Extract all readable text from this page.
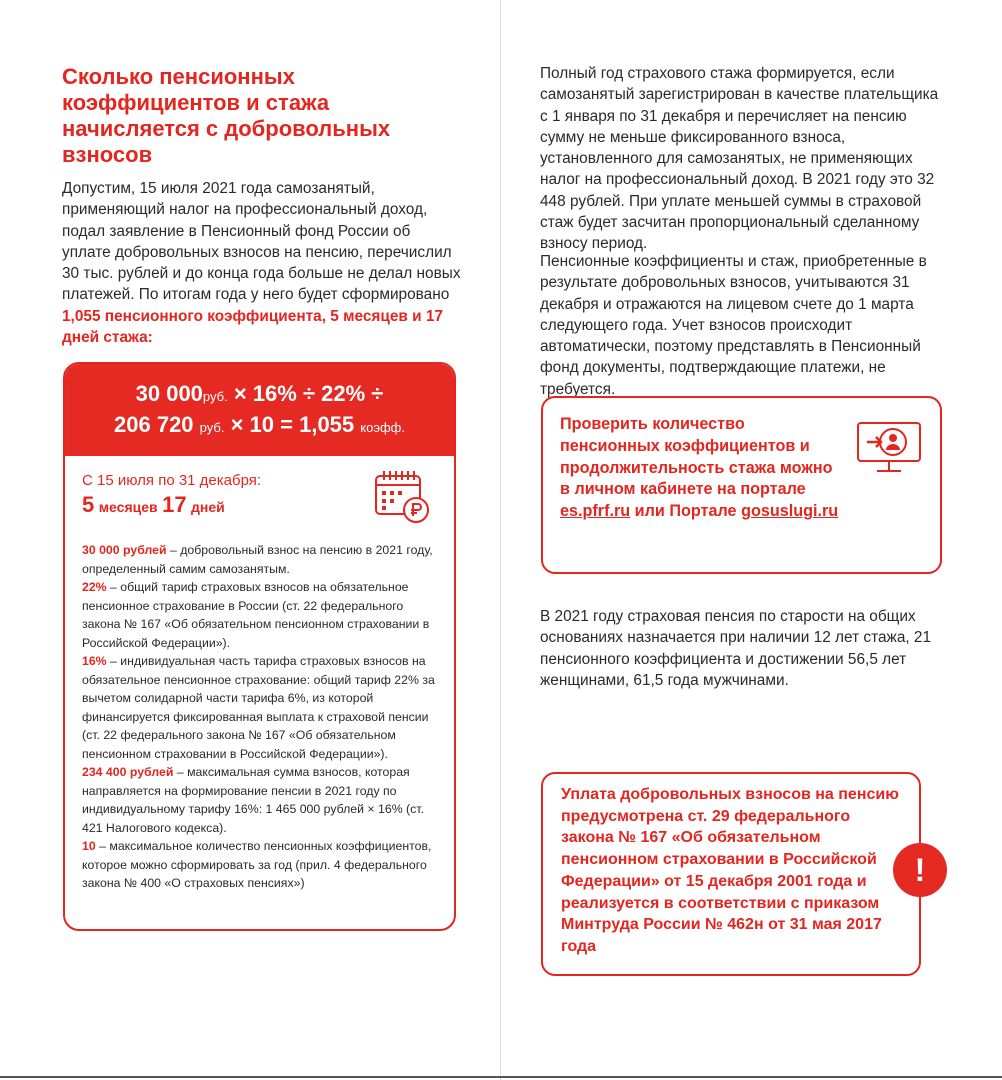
Сколько пенсионных коэффициентов и стажа начисляется с добровольных взносов

Допустим, 15 июля 2021 года самозанятый, применяющий налог на профессиональный доход, подал заявление в Пенсионный фонд России об уплате добровольных взносов на пенсию, перечислил 30 тыс. рублей и до конца года больше не делал новых платежей. По итогам года у него будет сформировано 1,055 пенсионного коэффициента, 5 месяцев и 17 дней стажа:

30 000руб. × 16% ÷ 22% ÷
206 720 руб. × 10 = 1,055 коэфф.

С 15 июля по 31 декабря:

5 месяцев 17 дней

30 000 рублей – добровольный взнос на пенсию в 2021 году, определенный самим самозанятым.

22% – общий тариф страховых взносов на обязательное пенсионное страхование в России (ст. 22 федерального закона № 167 «Об обязательном пенсионном страховании в Российской Федерации»).

16% – индивидуальная часть тарифа страховых взносов на обязательное пенсионное страхование: общий тариф 22% за вычетом солидарной части тарифа 6%, из которой финансируется фиксированная выплата к страховой пенсии (ст. 22 федерального закона № 167 «Об обязательном пенсионном страховании в Российской Федерации»).

234 400 рублей – максимальная сумма взносов, которая направляется на формирование пенсии в 2021 году по индивидуальному тарифу 16%: 1 465 000 рублей × 16% (ст. 421 Налогового кодекса).

10 – максимальное количество пенсионных коэффициентов, которое можно сформировать за год (прил. 4 федерального закона № 400 «О страховых пенсиях»)

Полный год страхового стажа формируется, если самозанятый зарегистрирован в качестве плательщика с 1 января по 31 декабря и перечисляет на пенсию сумму не меньше фиксированного взноса, установленного для самозанятых, не применяющих налог на профессиональный доход. В 2021 году это 32 448 рублей. При уплате меньшей суммы в страховой стаж будет засчитан пропорциональный сделанному взносу период.

Пенсионные коэффициенты и стаж, приобретенные в результате добровольных взносов, учитываются 31 декабря и отражаются на лицевом счете до 1 марта следующего года. Учет взносов происходит автоматически, поэтому представлять в Пенсионный фонд документы, подтверждающие платежи, не требуется.

Проверить количество пенсионных коэффициентов и продолжительность стажа можно в личном кабинете на портале es.pfrf.ru или Портале gosuslugi.ru

В 2021 году страховая пенсия по старости на общих основаниях назначается при наличии 12 лет стажа, 21 пенсионного коэффициента и достижении 56,5 лет женщинами, 61,5 года мужчинами.

Уплата добровольных взносов на пенсию предусмотрена ст. 29 федерального закона № 167 «Об обязательном пенсионном страховании в Российской Федерации» от 15 декабря 2001 года и реализуется в соответствии с приказом Минтруда России № 462н от 31 мая 2017 года

!
